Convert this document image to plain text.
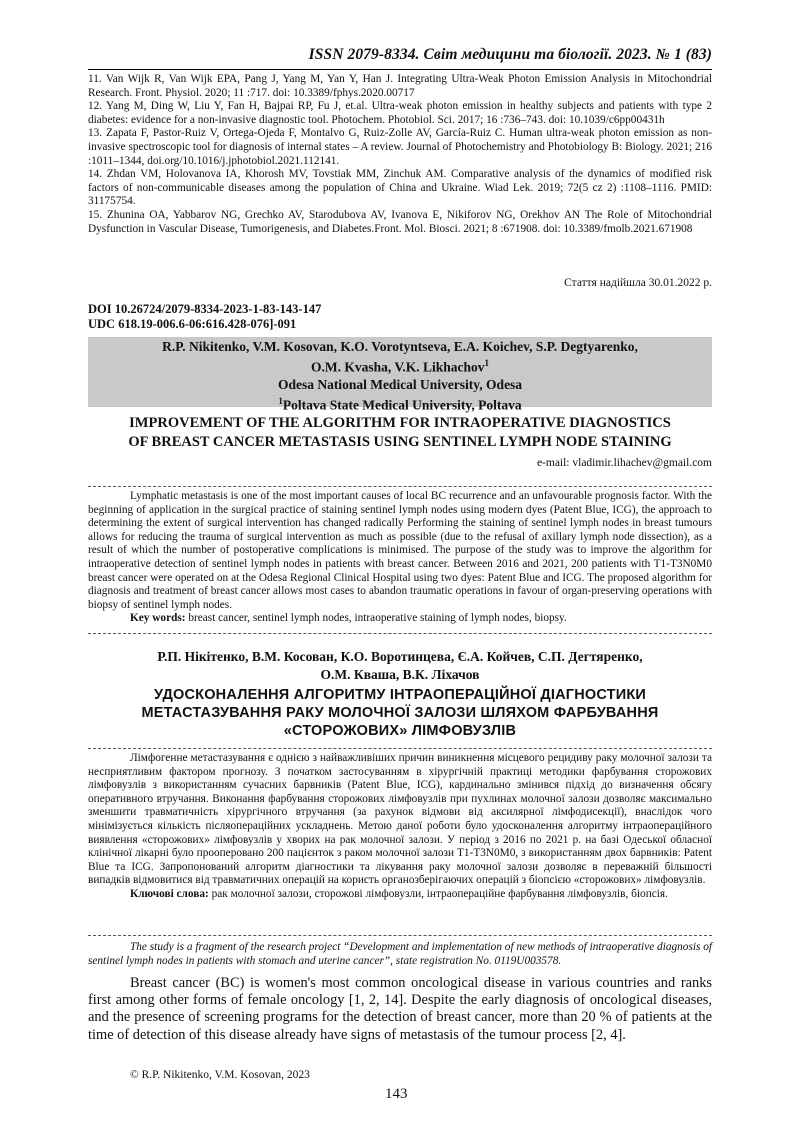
ISSN 2079-8334. Світ медицини та біології. 2023. № 1 (83)

11. Van Wijk R, Van Wijk EPA, Pang J, Yang M, Yan Y, Han J. Integrating Ultra-Weak Photon Emission Analysis in Mitochondrial Research. Front. Physiol. 2020; 11 :717. doi: 10.3389/fphys.2020.00717

12. Yang M, Ding W, Liu Y, Fan H, Bajpai RP, Fu J, et.al. Ultra-weak photon emission in healthy subjects and patients with type 2 diabetes: evidence for a non-invasive diagnostic tool. Photochem. Photobiol. Sci. 2017; 16 :736–743. doi: 10.1039/c6pp00431h

13. Zapata F, Pastor-Ruiz V, Ortega-Ojeda F, Montalvo G, Ruiz-Zolle AV, García-Ruiz C. Human ultra-weak photon emission as non-invasive spectroscopic tool for diagnosis of internal states – A review. Journal of Photochemistry and Photobiology B: Biology. 2021; 216 :1011–1344, doi.org/10.1016/j.jphotobiol.2021.112141.

14. Zhdan VM, Holovanova IA, Khorosh MV, Tovstiak MM, Zinchuk AM. Comparative analysis of the dynamics of modified risk factors of non-communicable diseases among the population of China and Ukraine. Wiad Lek. 2019; 72(5 cz 2) :1108–1116. PMID: 31175754.

15. Zhunina OA, Yabbarov NG, Grechko AV, Starodubova AV, Ivanova E, Nikiforov NG, Orekhov AN The Role of Mitochondrial Dysfunction in Vascular Disease, Tumorigenesis, and Diabetes.Front. Mol. Biosci. 2021; 8 :671908. doi: 10.3389/fmolb.2021.671908

Стаття надійшла 30.01.2022 р.
DOI 10.26724/2079-8334-2023-1-83-143-147
UDC 618.19-006.6-06:616.428-076]-091
R.P. Nikitenko, V.M. Kosovan, K.O. Vorotyntseva, E.A. Koichev, S.P. Degtyarenko,
O.M. Kvasha, V.K. Likhachov$^1$
Odesa National Medical University, Odesa
$^1$Poltava State Medical University, Poltava
IMPROVEMENT OF THE ALGORITHM FOR INTRAOPERATIVE DIAGNOSTICS
OF BREAST CANCER METASTASIS USING SENTINEL LYMPH NODE STAINING
e-mail: vladimir.lihachev@gmail.com

Lymphatic metastasis is one of the most important causes of local BC recurrence and an unfavourable prognosis factor. With the beginning of application in the surgical practice of staining sentinel lymph nodes using modern dyes (Patent Blue, ICG), the approach to determining the extent of surgical intervention has changed radically Performing the staining of sentinel lymph nodes in breast tumours allows for reducing the trauma of surgical intervention as much as possible (due to the refusal of axillary lymph node dissection), as a result of which the number of postoperative complications is minimised. The purpose of the study was to improve the algorithm for intraoperative detection of sentinel lymph nodes in patients with breast cancer. Between 2016 and 2021, 200 patients with T1-T3N0M0 breast cancer were operated on at the Odesa Regional Clinical Hospital using two dyes: Patent Blue and ICG. The proposed algorithm for diagnosis and treatment of breast cancer allows most cases to abandon traumatic operations in favour of organ-preserving operations with biopsy of sentinel lymph nodes.

Key words: breast cancer, sentinel lymph nodes, intraoperative staining of lymph nodes, biopsy.

Р.П. Нікітенко, В.М. Косован, К.О. Воротинцева, Є.А. Койчев, С.П. Дегтяренко,
О.М. Кваша, В.К. Ліхачов
УДОСКОНАЛЕННЯ АЛГОРИТМУ ІНТРАОПЕРАЦІЙНОЇ ДІАГНОСТИКИ
МЕТАСТАЗУВАННЯ РАКУ МОЛОЧНОЇ ЗАЛОЗИ ШЛЯХОМ ФАРБУВАННЯ
«СТОРОЖОВИХ» ЛІМФОВУЗЛІВ

Лімфогенне метастазування є однією з найважливіших причин виникнення місцевого рецидиву раку молочної залози та несприятливим фактором прогнозу. З початком застосуванням в хірургічній практиці методики фарбування сторожових лімфовузлів з використанням сучасних барвників (Patent Blue, ICG), кардинально змінився підхід до визначення обсягу оперативного втручання. Виконання фарбування сторожових лімфовузлів при пухлинах молочної залози дозволяє максимально зменшити травматичність хірургічного втручання (за рахунок відмови від аксилярної лімфодисекції), внаслідок чого мінімізується кількість післяопераційних ускладнень. Метою даної роботи було удосконалення алгоритму інтраопераційного виявлення «сторожових» лімфовузлів у хворих на рак молочної залози. У період з 2016 по 2021 р. на базі Одеської обласної клінічної лікарні було прооперовано 200 пацієнток з раком молочної залози T1-T3N0M0, з використанням двох барвників: Patent Blue та ICG. Запропонований алгоритм діагностики та лікування раку молочної залози дозволяє в переважній більшості випадків відмовитися від травматичних операцій на користь органозберігаючих операцій з біопсією «сторожових» лімфовузлів.

Ключові слова: рак молочної залози, сторожові лімфовузли, інтраопераційне фарбування лімфовузлів, біопсія.

The study is a fragment of the research project “Development and implementation of new methods of intraoperative diagnosis of sentinel lymph nodes in patients with stomach and uterine cancer”, state registration No. 0119U003578.

Breast cancer (BC) is women's most common oncological disease in various countries and ranks first among other forms of female oncology [1, 2, 14]. Despite the early diagnosis of oncological diseases, and the presence of screening programs for the detection of breast cancer, more than 20 % of patients at the time of detection of this disease already have signs of metastasis of the tumour process [2, 4].

© R.P. Nikitenko, V.M. Kosovan, 2023
143
